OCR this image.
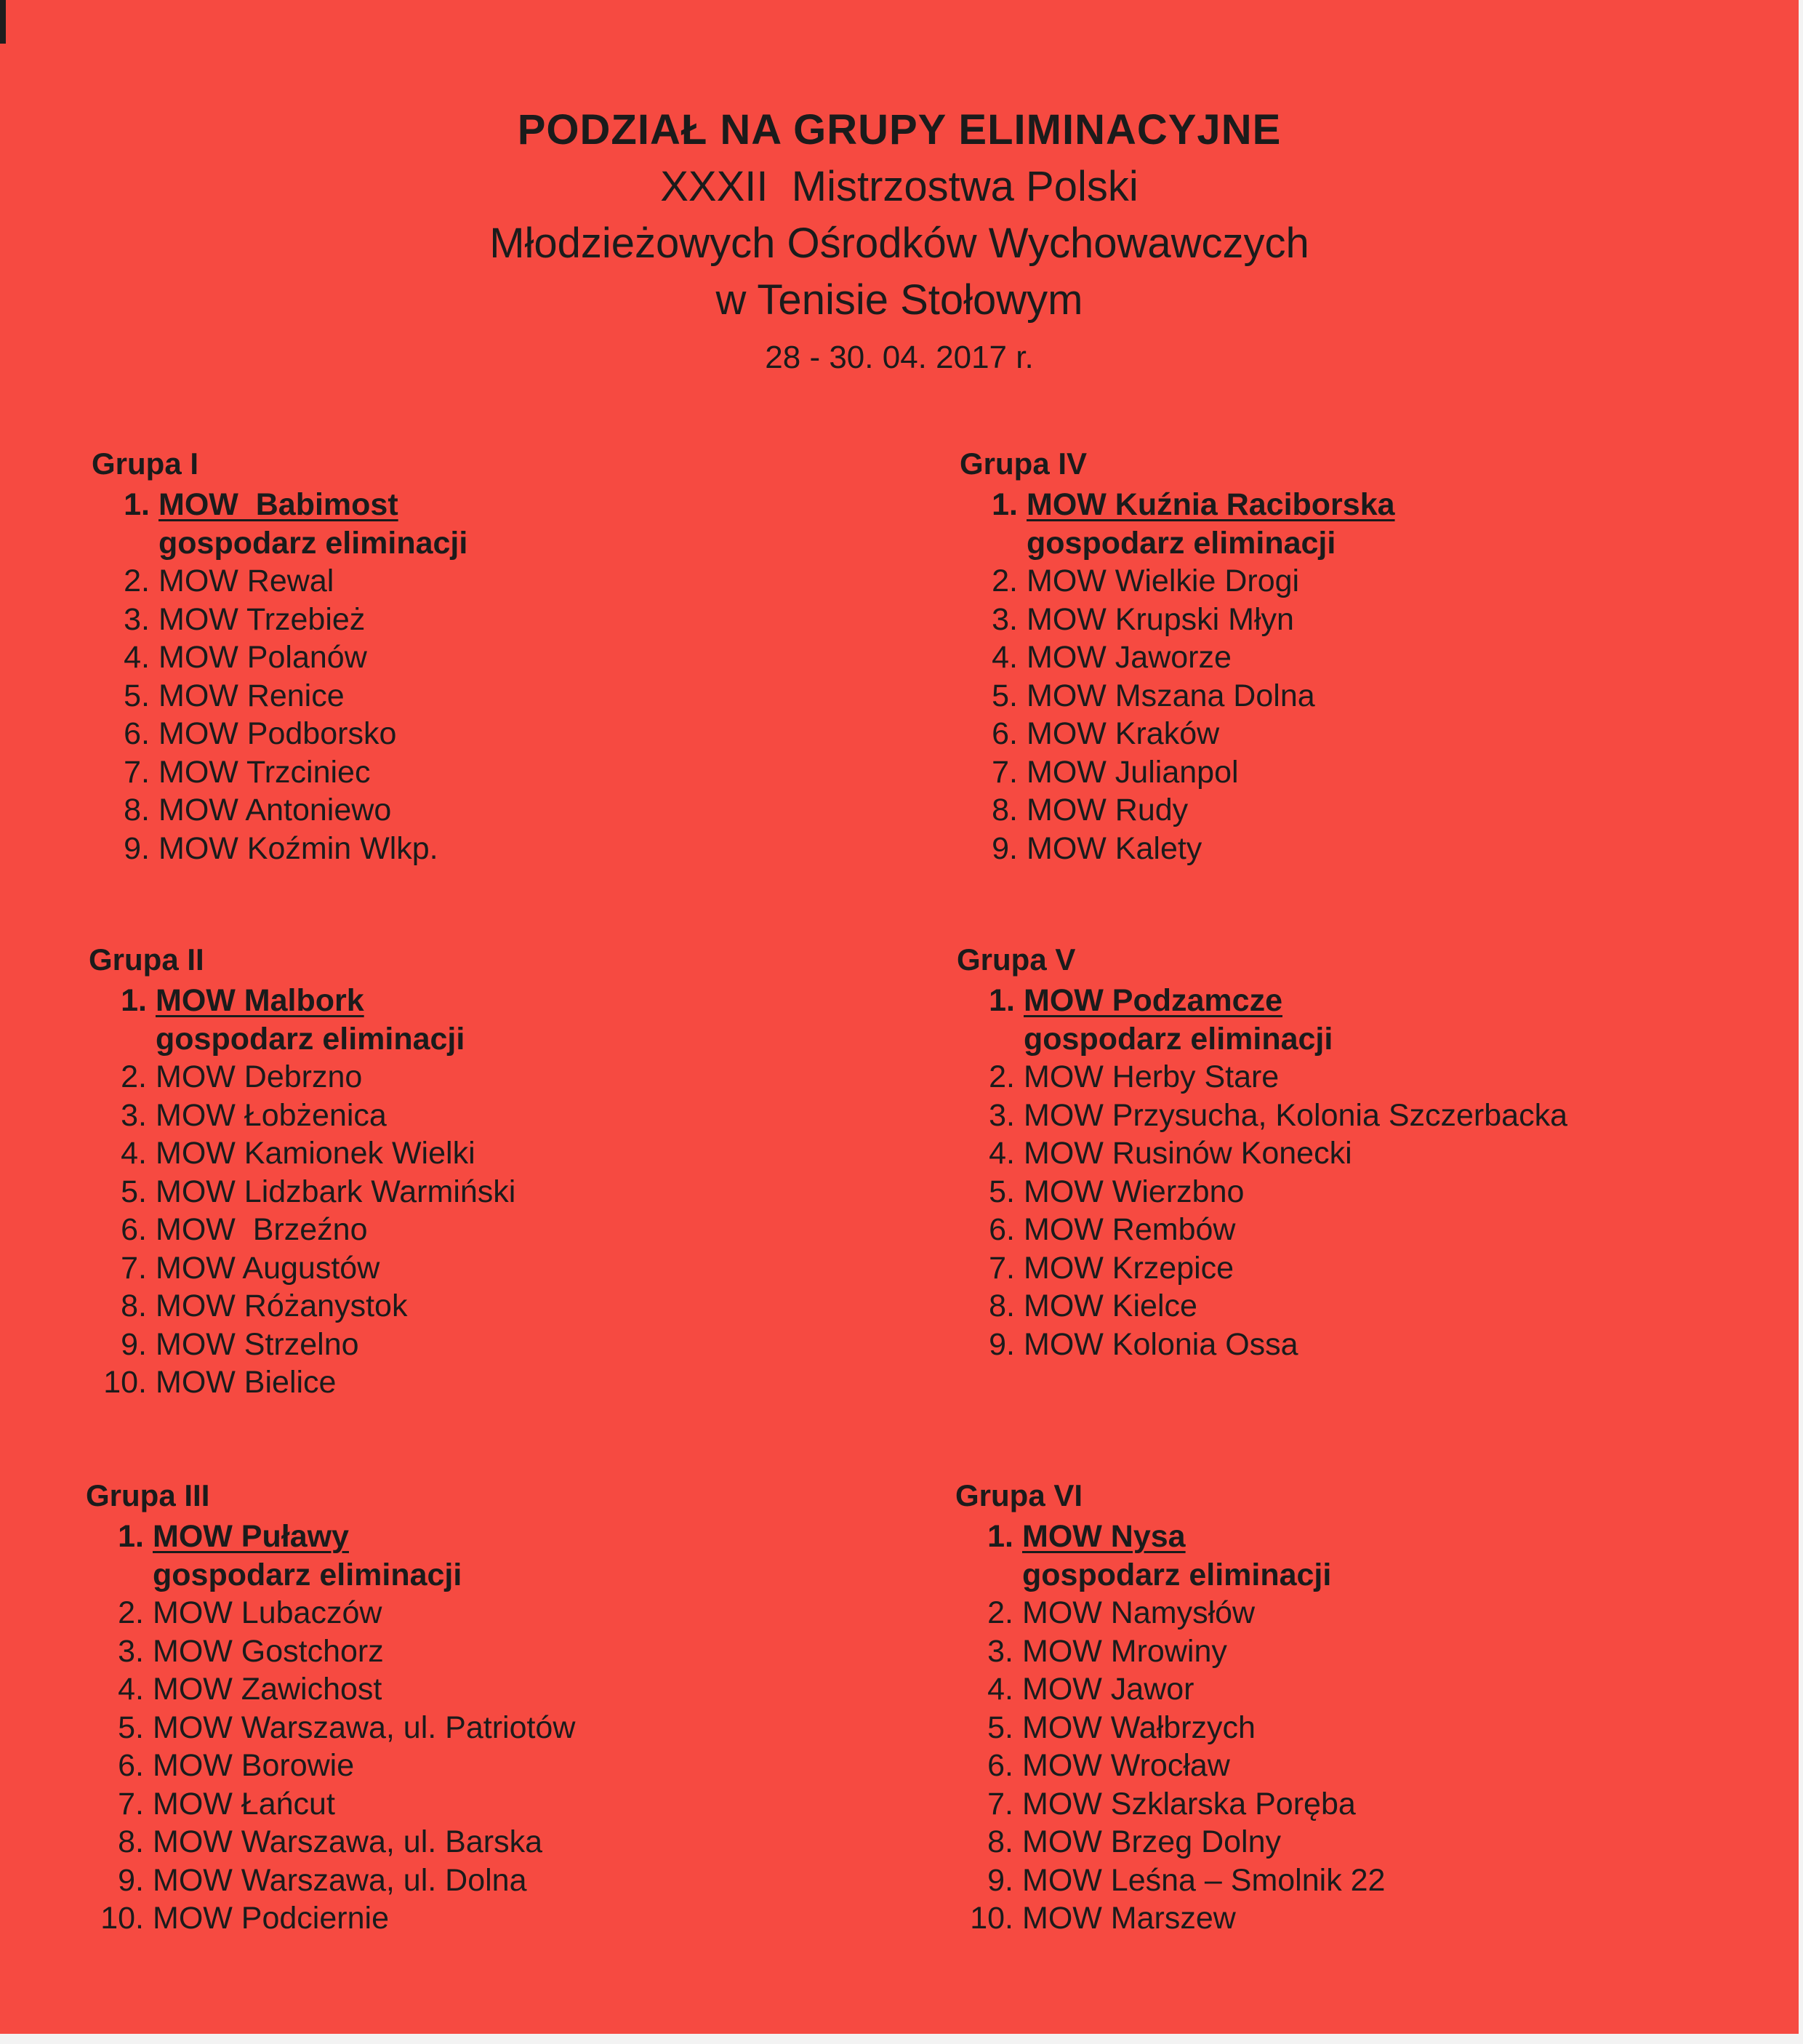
PODZIAŁ NA GRUPY ELIMINACYJNE
XXXII  Mistrzostwa Polski
Młodzieżowych Ośrodków Wychowawczych
w Tenisie Stołowym
28 - 30. 04. 2017 r.
Grupa I
1. MOW  Babimost
gospodarz eliminacji
2. MOW Rewal
3. MOW Trzebież
4. MOW Polanów
5. MOW Renice
6. MOW Podborsko
7. MOW Trzciniec
8. MOW Antoniewo
9. MOW Koźmin Wlkp.
Grupa II
1. MOW Malbork
gospodarz eliminacji
2. MOW Debrzno
3. MOW Łobżenica
4. MOW Kamionek Wielki
5. MOW Lidzbark Warmiński
6. MOW  Brzeźno
7. MOW Augustów
8. MOW Różanystok
9. MOW Strzelno
10. MOW Bielice
Grupa III
1. MOW Puławy
gospodarz eliminacji
2. MOW Lubaczów
3. MOW Gostchorz
4. MOW Zawichost
5. MOW Warszawa, ul. Patriotów
6. MOW Borowie
7. MOW Łańcut
8. MOW Warszawa, ul. Barska
9. MOW Warszawa, ul. Dolna
10. MOW Podciernie
Grupa IV
1. MOW Kuźnia Raciborska
gospodarz eliminacji
2. MOW Wielkie Drogi
3. MOW Krupski Młyn
4. MOW Jaworze
5. MOW Mszana Dolna
6. MOW Kraków
7. MOW Julianpol
8. MOW Rudy
9. MOW Kalety
Grupa V
1. MOW Podzamcze
gospodarz eliminacji
2. MOW Herby Stare
3. MOW Przysucha, Kolonia Szczerbacka
4. MOW Rusinów Konecki
5. MOW Wierzbno
6. MOW Rembów
7. MOW Krzepice
8. MOW Kielce
9. MOW Kolonia Ossa
Grupa VI
1. MOW Nysa
gospodarz eliminacji
2. MOW Namysłów
3. MOW Mrowiny
4. MOW Jawor
5. MOW Wałbrzych
6. MOW Wrocław
7. MOW Szklarska Poręba
8. MOW Brzeg Dolny
9. MOW Leśna – Smolnik 22
10. MOW Marszew
